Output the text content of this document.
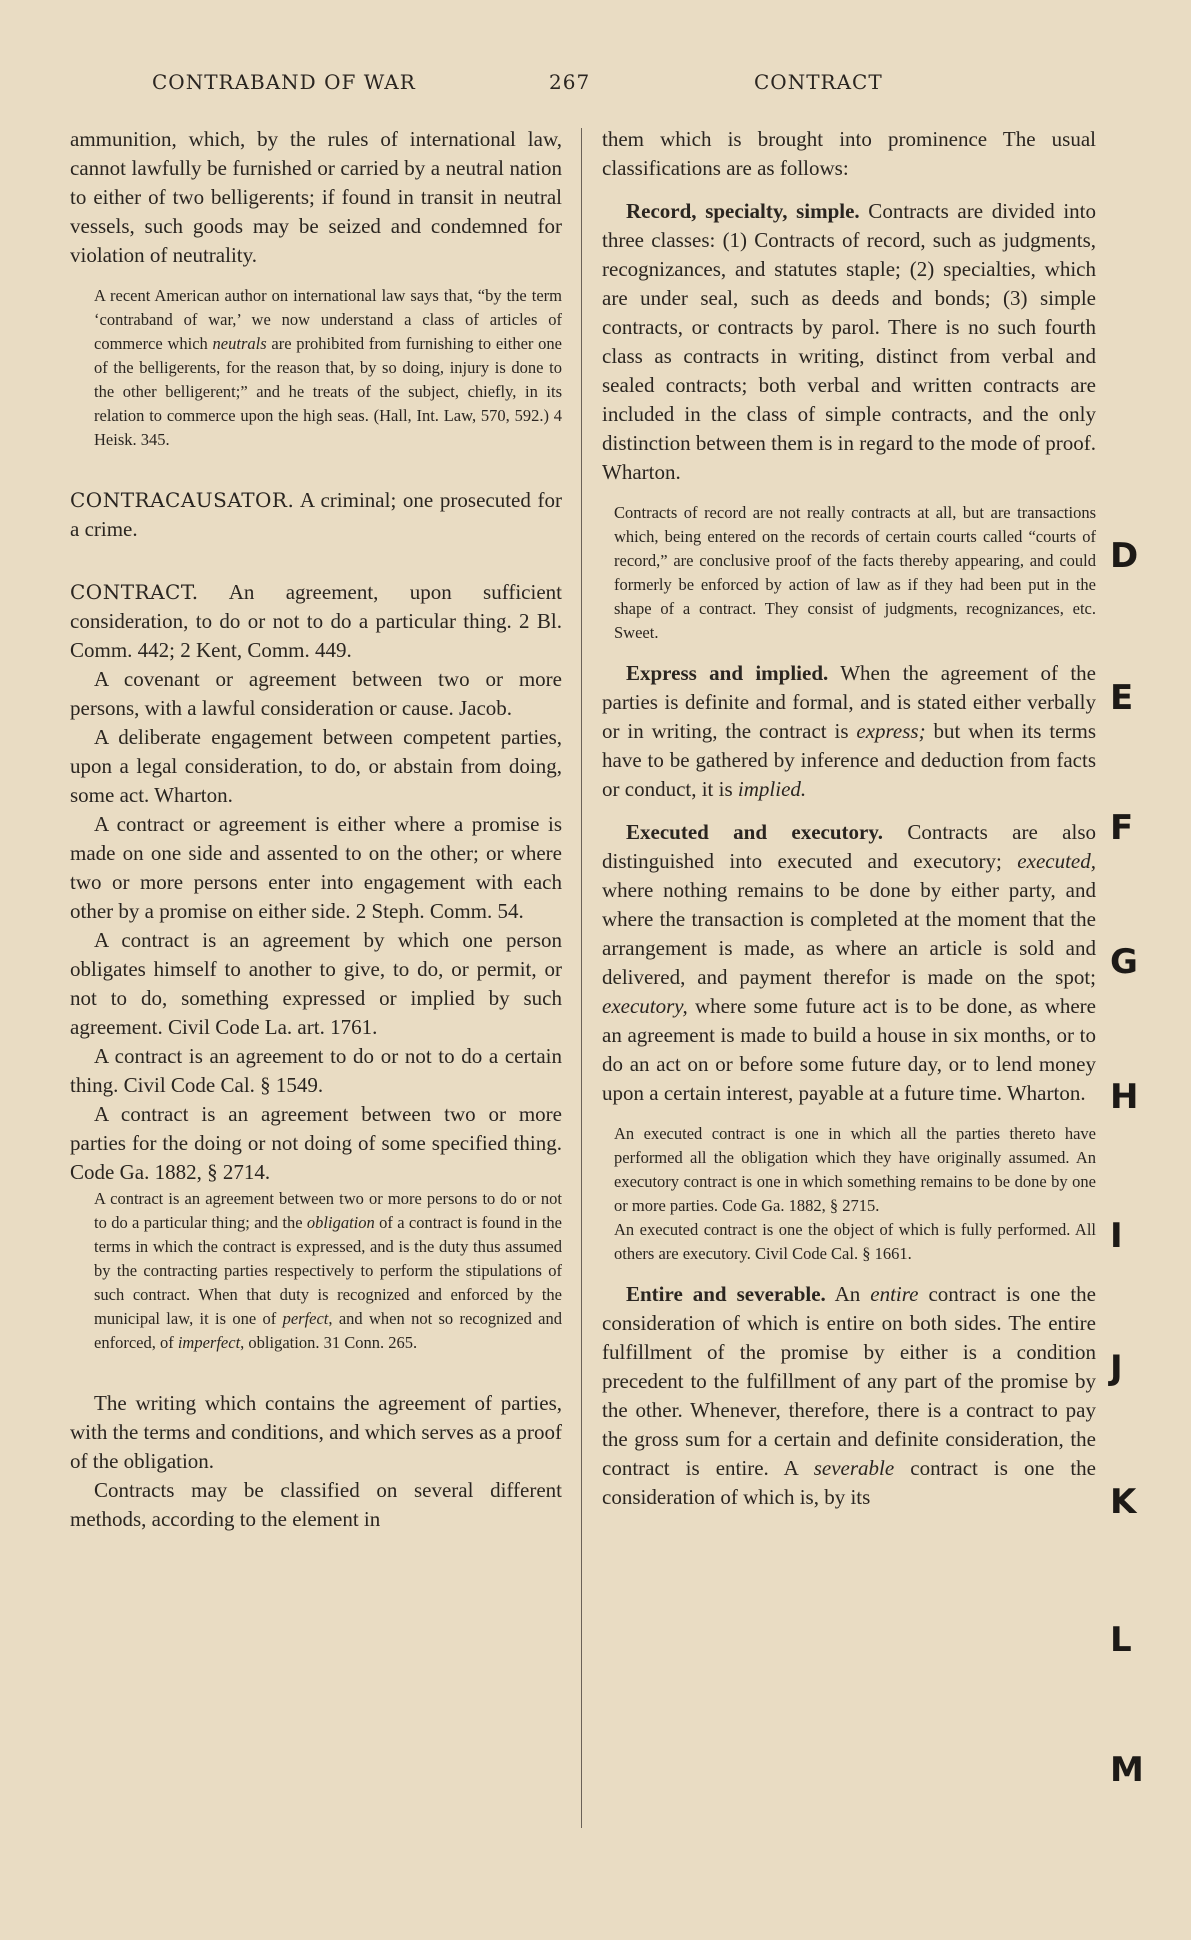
CONTRABAND OF WAR	267	CONTRACT

ammunition, which, by the rules of international law, cannot lawfully be furnished or carried by a neutral nation to either of two belligerents; if found in transit in neutral vessels, such goods may be seized and condemned for violation of neutrality.

A recent American author on international law says that, “by the term ‘contraband of war,’ we now understand a class of articles of commerce which neutrals are prohibited from furnishing to either one of the belligerents, for the reason that, by so doing, injury is done to the other belligerent;” and he treats of the subject, chiefly, in its relation to commerce upon the high seas. (Hall, Int. Law, 570, 592.) 4 Heisk. 345.

CONTRACAUSATOR. A criminal; one prosecuted for a crime.

CONTRACT. An agreement, upon sufficient consideration, to do or not to do a particular thing. 2 Bl. Comm. 442; 2 Kent, Comm. 449.

A covenant or agreement between two or more persons, with a lawful consideration or cause. Jacob.

A deliberate engagement between competent parties, upon a legal consideration, to do, or abstain from doing, some act. Wharton.

A contract or agreement is either where a promise is made on one side and assented to on the other; or where two or more persons enter into engagement with each other by a promise on either side. 2 Steph. Comm. 54.

A contract is an agreement by which one person obligates himself to another to give, to do, or permit, or not to do, something expressed or implied by such agreement. Civil Code La. art. 1761.

A contract is an agreement to do or not to do a certain thing. Civil Code Cal. § 1549.

A contract is an agreement between two or more parties for the doing or not doing of some specified thing. Code Ga. 1882, § 2714.

A contract is an agreement between two or more persons to do or not to do a particular thing; and the obligation of a contract is found in the terms in which the contract is expressed, and is the duty thus assumed by the contracting parties respectively to perform the stipulations of such contract. When that duty is recognized and enforced by the municipal law, it is one of perfect, and when not so recognized and enforced, of imperfect, obligation. 31 Conn. 265.

The writing which contains the agreement of parties, with the terms and conditions, and which serves as a proof of the obligation.

Contracts may be classified on several different methods, according to the element in

them which is brought into prominence The usual classifications are as follows:

Record, specialty, simple. Contracts are divided into three classes: (1) Contracts of record, such as judgments, recognizances, and statutes staple; (2) specialties, which are under seal, such as deeds and bonds; (3) simple contracts, or contracts by parol. There is no such fourth class as contracts in writing, distinct from verbal and sealed contracts; both verbal and written contracts are included in the class of simple contracts, and the only distinction between them is in regard to the mode of proof. Wharton.

Contracts of record are not really contracts at all, but are transactions which, being entered on the records of certain courts called “courts of record,” are conclusive proof of the facts thereby appearing, and could formerly be enforced by action of law as if they had been put in the shape of a contract. They consist of judgments, recognizances, etc. Sweet.

Express and implied. When the agreement of the parties is definite and formal, and is stated either verbally or in writing, the contract is express; but when its terms have to be gathered by inference and deduction from facts or conduct, it is implied.

Executed and executory. Contracts are also distinguished into executed and executory; executed, where nothing remains to be done by either party, and where the transaction is completed at the moment that the arrangement is made, as where an article is sold and delivered, and payment therefor is made on the spot; executory, where some future act is to be done, as where an agreement is made to build a house in six months, or to do an act on or before some future day, or to lend money upon a certain interest, payable at a future time. Wharton.

An executed contract is one in which all the parties thereto have performed all the obligation which they have originally assumed. An executory contract is one in which something remains to be done by one or more parties. Code Ga. 1882, § 2715.

An executed contract is one the object of which is fully performed. All others are executory. Civil Code Cal. § 1661.

Entire and severable. An entire contract is one the consideration of which is entire on both sides. The entire fulfillment of the promise by either is a condition precedent to the fulfillment of any part of the promise by the other. Whenever, therefore, there is a contract to pay the gross sum for a certain and definite consideration, the contract is entire. A severable contract is one the consideration of which is, by its

D
E
F
G
H
I
J
K
L
M
